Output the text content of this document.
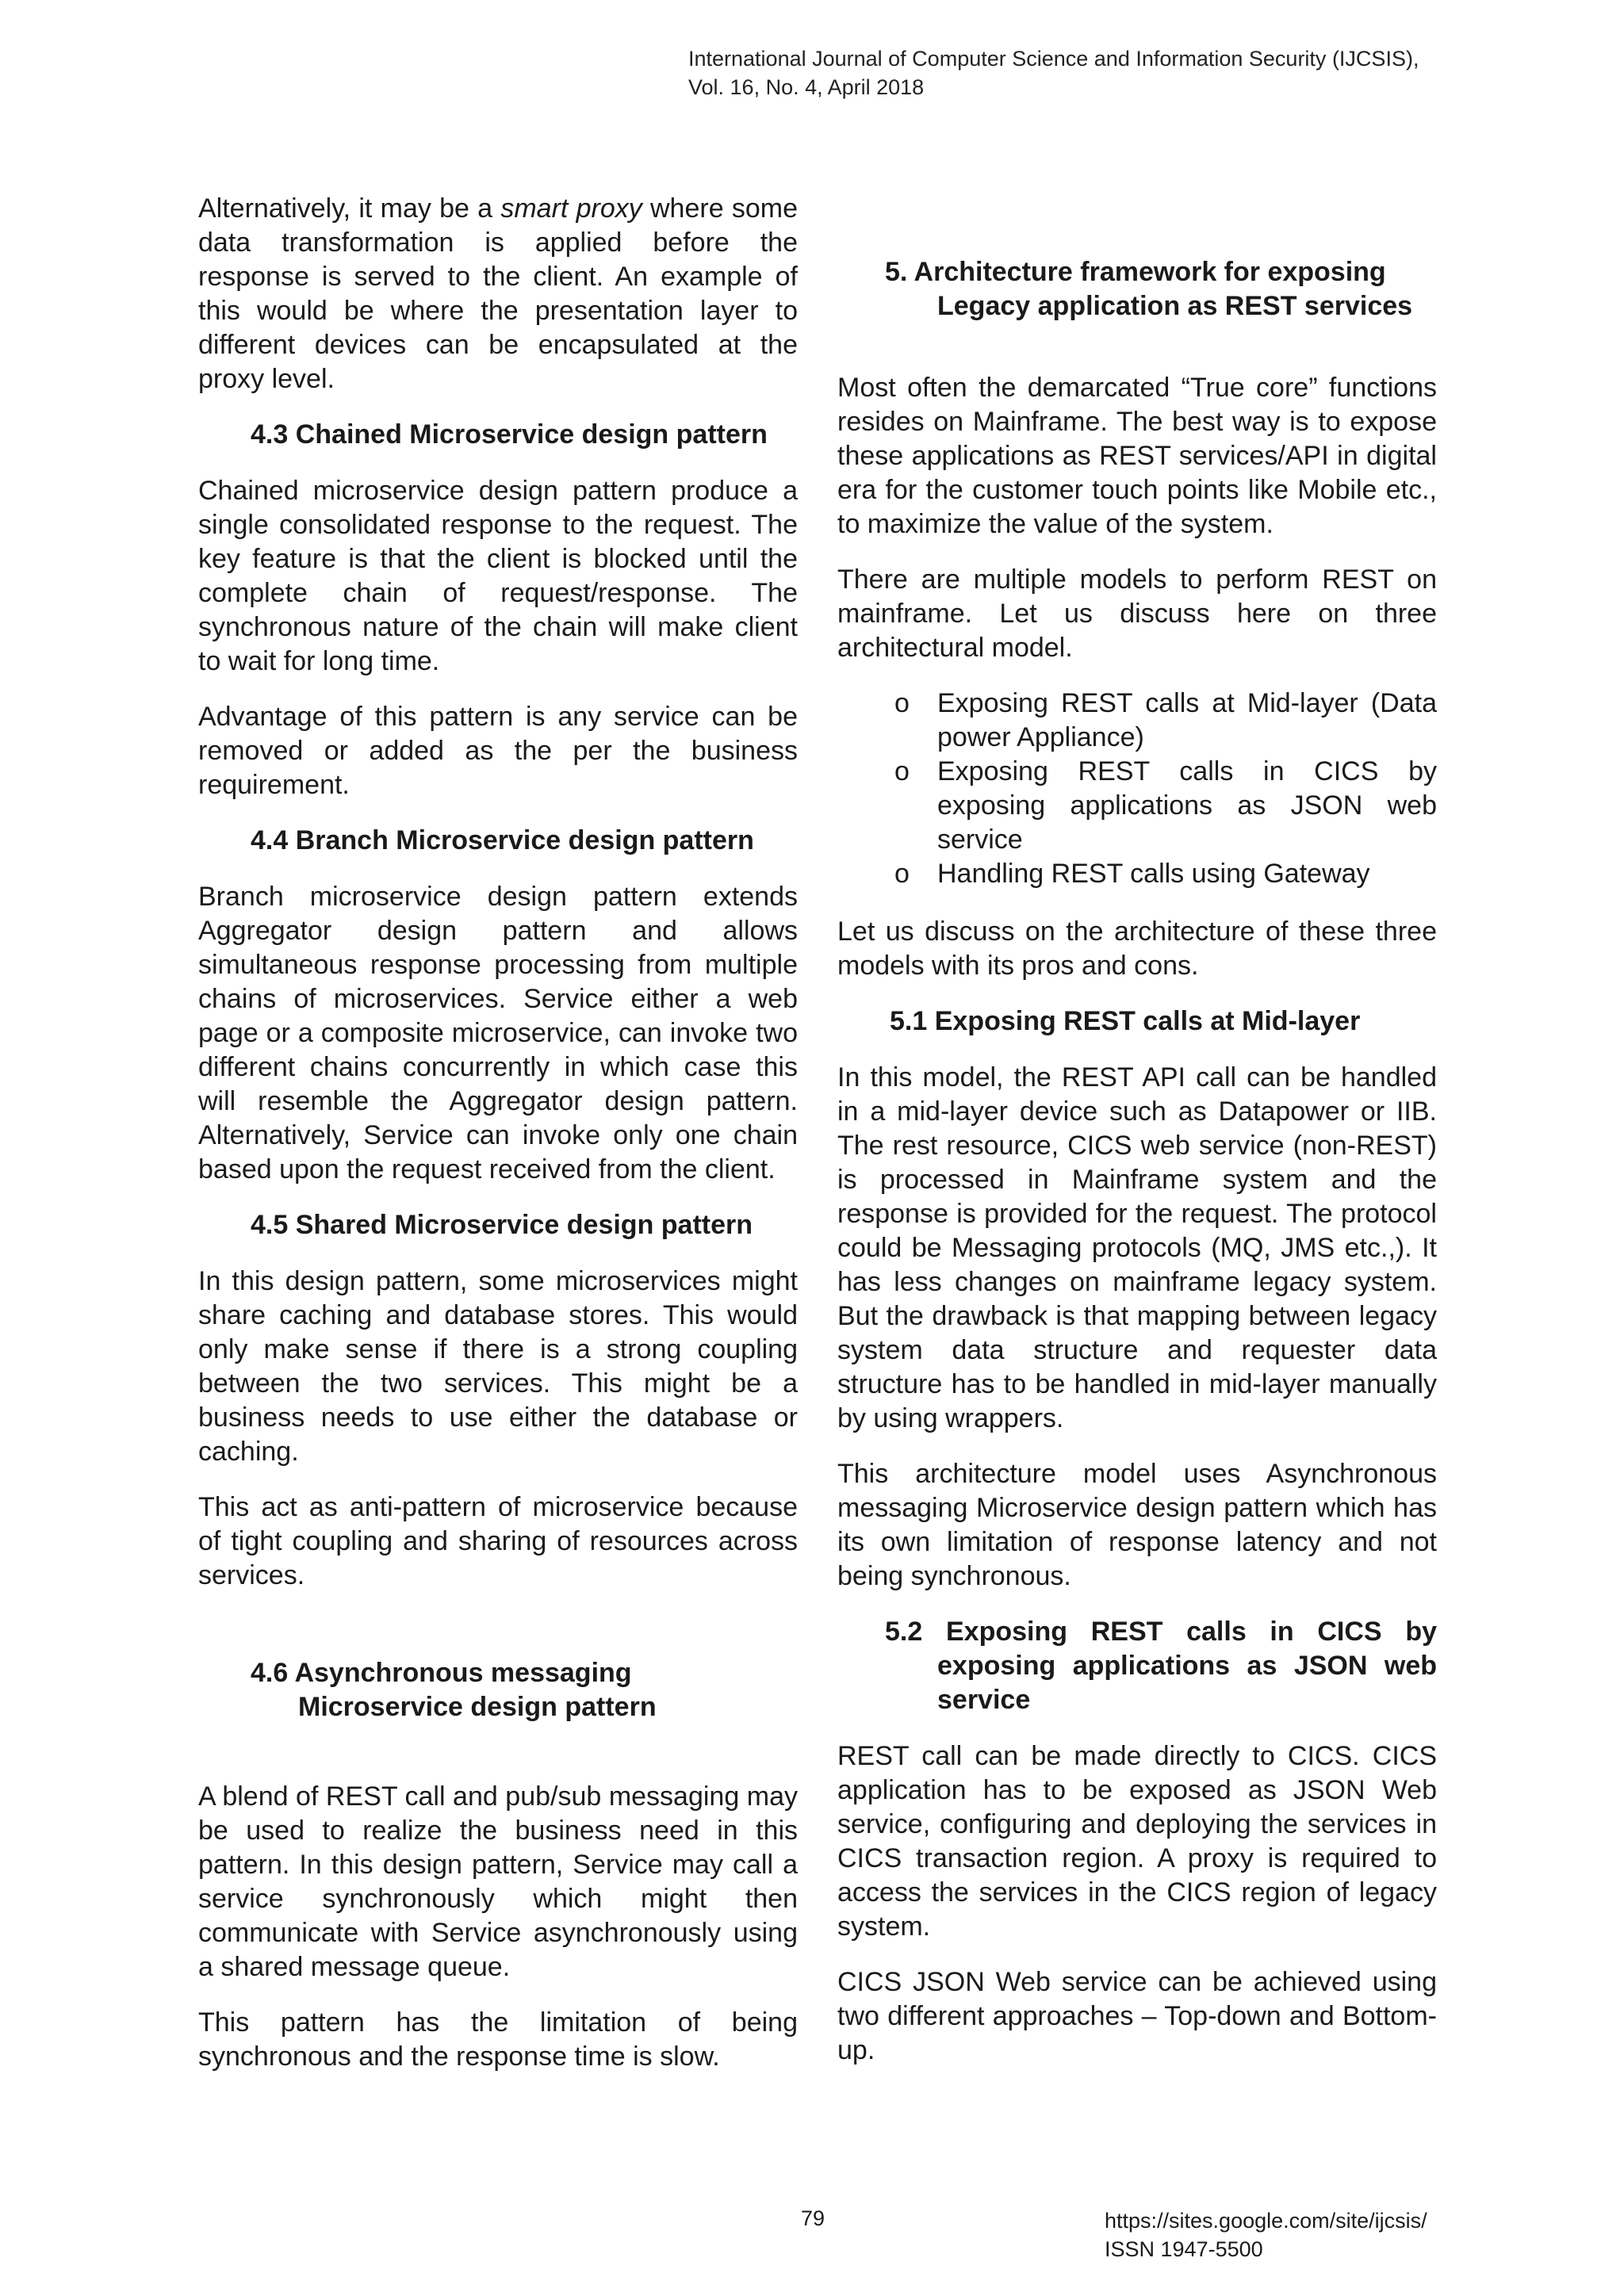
International Journal of Computer Science and Information Security (IJCSIS),
Vol. 16, No. 4, April 2018

Alternatively, it may be a smart proxy where some data transformation is applied before the response is served to the client. An example of this would be where the presentation layer to different devices can be encapsulated at the proxy level.

4.3 Chained Microservice design pattern

Chained microservice design pattern produce a single consolidated response to the request. The key feature is that the client is blocked until the complete chain of request/response. The synchronous nature of the chain will make client to wait for long time.

Advantage of this pattern is any service can be removed or added as the per the business requirement.

4.4 Branch Microservice design pattern

Branch microservice design pattern extends Aggregator design pattern and allows simultaneous response processing from multiple chains of microservices. Service either a web page or a composite microservice, can invoke two different chains concurrently in which case this will resemble the Aggregator design pattern. Alternatively, Service can invoke only one chain based upon the request received from the client.

4.5 Shared Microservice design pattern

In this design pattern, some microservices might share caching and database stores. This would only make sense if there is a strong coupling between the two services. This might be a business needs to use either the database or caching.

This act as anti-pattern of microservice because of tight coupling and sharing of resources across services.

4.6 Asynchronous messaging Microservice design pattern

A blend of REST call and pub/sub messaging may be used to realize the business need in this pattern. In this design pattern, Service may call a service synchronously which might then communicate with Service asynchronously using a shared message queue.

This pattern has the limitation of being synchronous and the response time is slow.

5. Architecture framework for exposing Legacy application as REST services

Most often the demarcated “True core” functions resides on Mainframe. The best way is to expose these applications as REST services/API in digital era for the customer touch points like Mobile etc., to maximize the value of the system.

There are multiple models to perform REST on mainframe. Let us discuss here on three architectural model.

o Exposing REST calls at Mid-layer (Data power Appliance)
o Exposing REST calls in CICS by exposing applications as JSON web service
o Handling REST calls using Gateway

Let us discuss on the architecture of these three models with its pros and cons.

5.1 Exposing REST calls at Mid-layer

In this model, the REST API call can be handled in a mid-layer device such as Datapower or IIB. The rest resource, CICS web service (non-REST) is processed in Mainframe system and the response is provided for the request. The protocol could be Messaging protocols (MQ, JMS etc.,). It has less changes on mainframe legacy system. But the drawback is that mapping between legacy system data structure and requester data structure has to be handled in mid-layer manually by using wrappers.

This architecture model uses Asynchronous messaging Microservice design pattern which has its own limitation of response latency and not being synchronous.

5.2 Exposing REST calls in CICS by exposing applications as JSON web service

REST call can be made directly to CICS. CICS application has to be exposed as JSON Web service, configuring and deploying the services in CICS transaction region. A proxy is required to access the services in the CICS region of legacy system.

CICS JSON Web service can be achieved using two different approaches – Top-down and Bottom-up.

79	https://sites.google.com/site/ijcsis/
ISSN 1947-5500
